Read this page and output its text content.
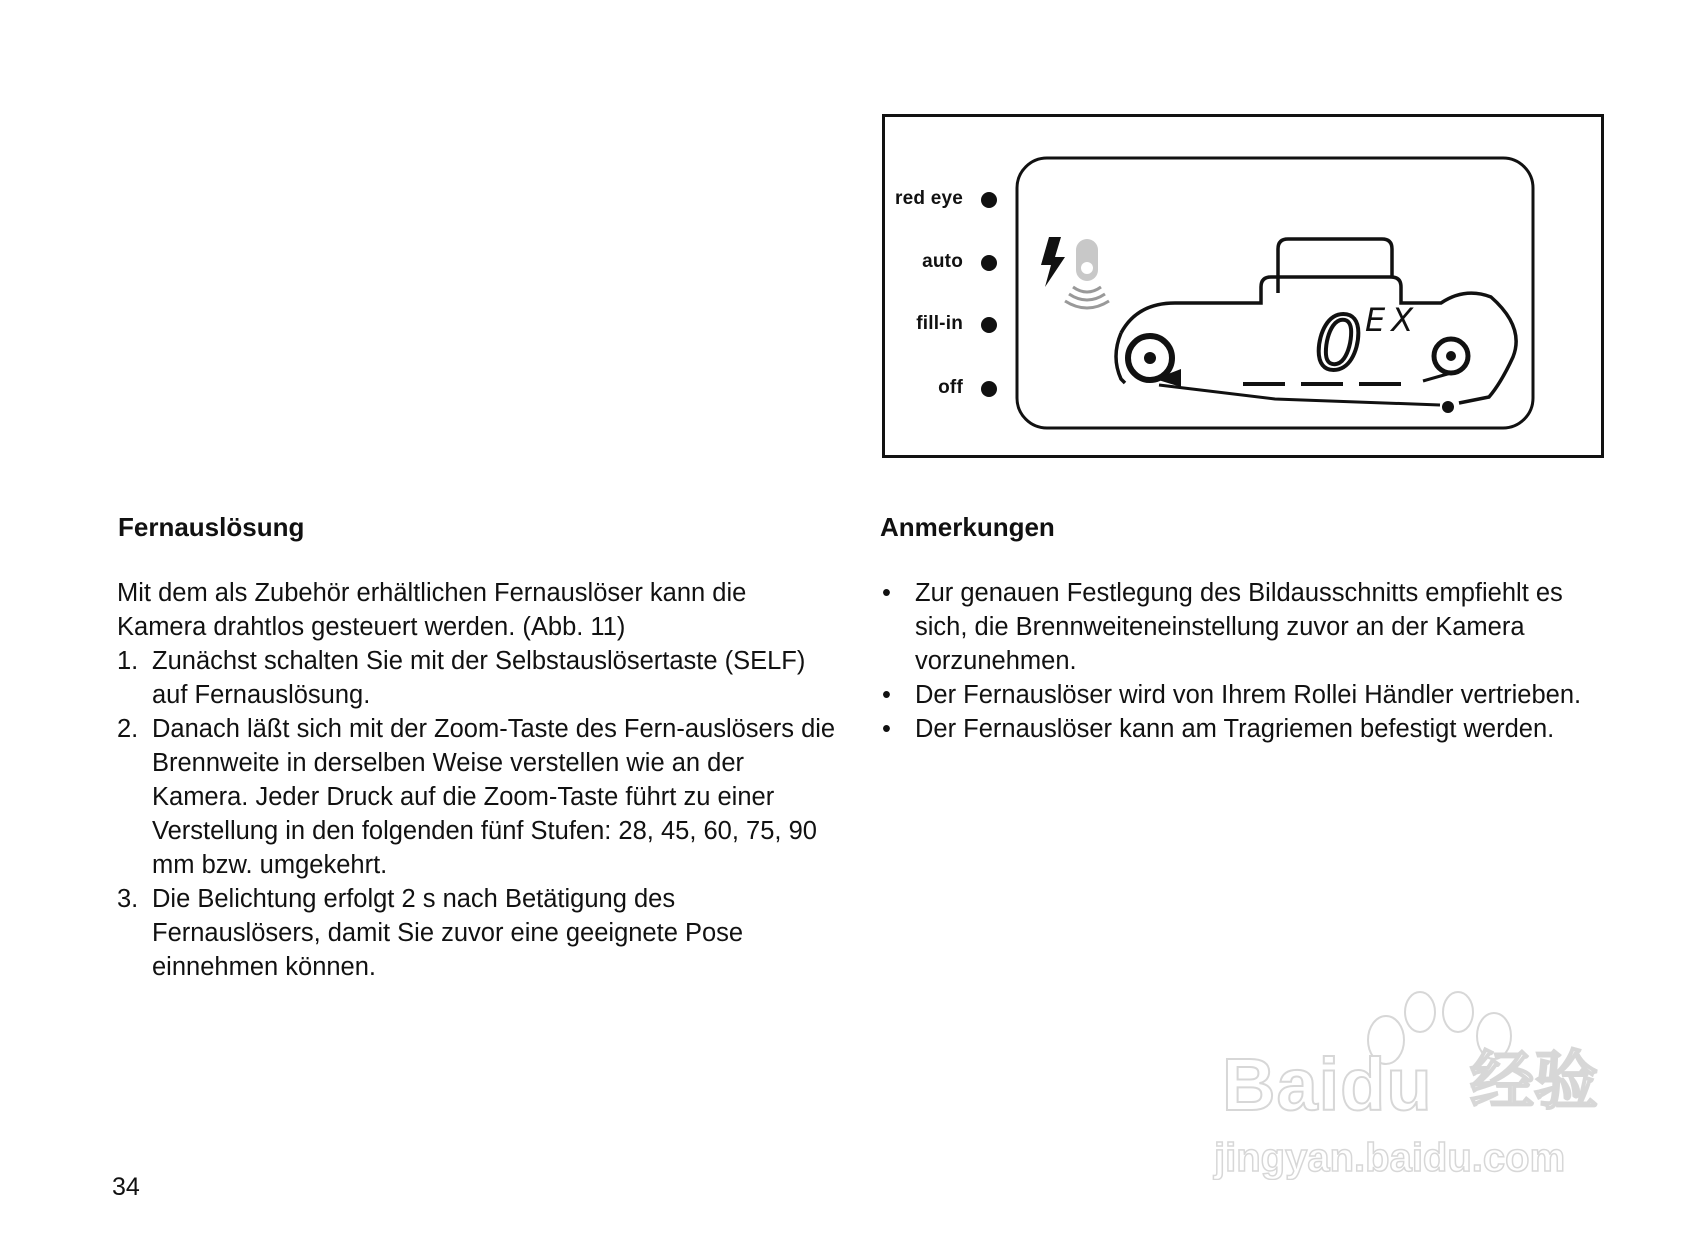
0 EX
red eye
auto
fill-in
off
Fernauslösung

Mit dem als Zubehör erhältlichen Fernauslöser kann die Kamera drahtlos gesteuert werden. (Abb. 11)

1. Zunächst schalten Sie mit der Selbstauslösertaste (SELF) auf Fernauslösung.
2. Danach läßt sich mit der Zoom-Taste des Fern-auslösers die Brennweite in derselben Weise verstellen wie an der Kamera. Jeder Druck auf die Zoom-Taste führt zu einer Verstellung in den folgenden fünf Stufen: 28, 45, 60, 75, 90 mm bzw. umgekehrt.
3. Die Belichtung erfolgt 2 s nach Betätigung des Fernauslösers, damit Sie zuvor eine geeignete Pose einnehmen können.
Anmerkungen
• Zur genauen Festlegung des Bildausschnitts empfiehlt es sich, die Brennweiteneinstellung zuvor an der Kamera vorzunehmen.
• Der Fernauslöser wird von Ihrem Rollei Händler vertrieben.
• Der Fernauslöser kann am Tragriemen befestigt werden.
34
Baidu 经验
jingyan.baidu.com
